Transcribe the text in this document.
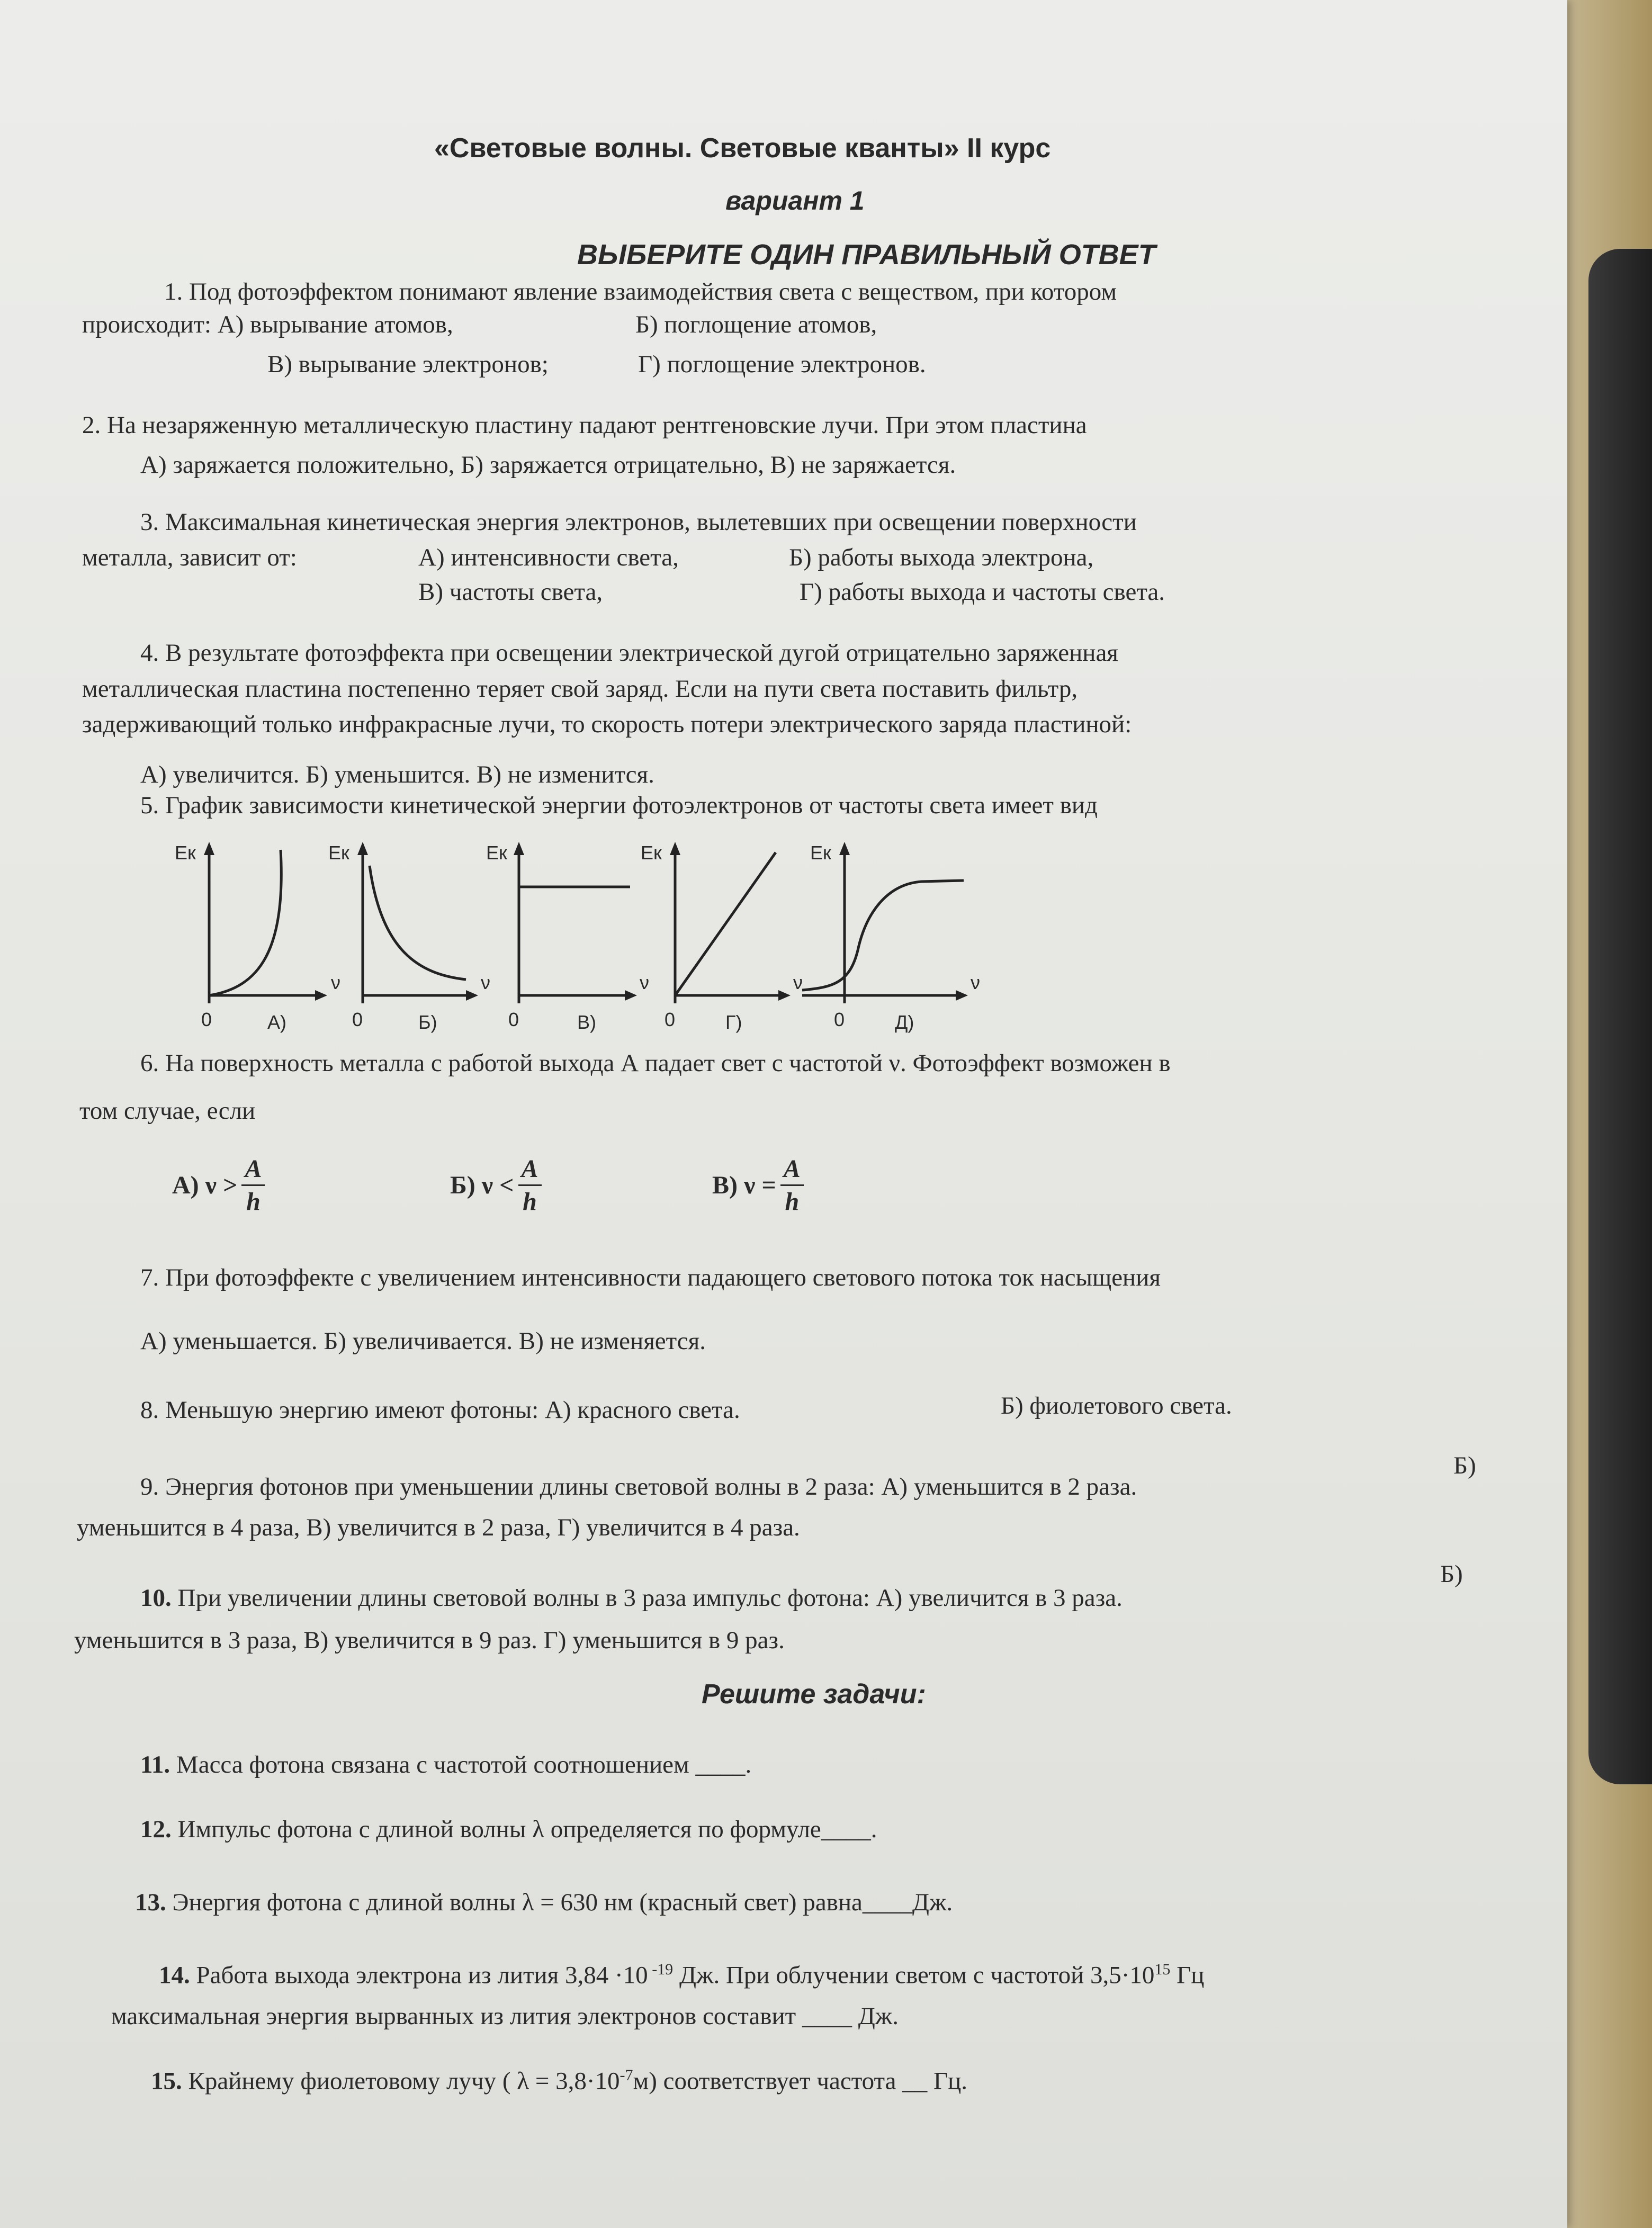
«Световые волны. Световые кванты» II курс
вариант 1
ВЫБЕРИТЕ ОДИН ПРАВИЛЬНЫЙ ОТВЕТ
1. Под фотоэффектом понимают явление взаимодействия света с веществом, при котором
происходит: А) вырывание атомов,	Б) поглощение атомов,
В) вырывание электронов;	Г) поглощение электронов.
2. На незаряженную металлическую пластину падают рентгеновские лучи. При этом пластина
А) заряжается положительно, Б) заряжается отрицательно, В) не заряжается.
3. Максимальная кинетическая энергия электронов, вылетевших при освещении поверхности
металла, зависит от:	А) интенсивности света,	Б) работы выхода электрона,
В) частоты света,	Г) работы выхода и частоты света.
4. В результате фотоэффекта при освещении электрической дугой отрицательно заряженная
металлическая пластина постепенно теряет свой заряд. Если на пути света поставить фильтр,
задерживающий только инфракрасные лучи, то скорость потери электрического заряда пластиной:
А) увеличится. Б) уменьшится. В) не изменится.
5. График зависимости кинетической энергии фотоэлектронов от частоты света имеет вид
Eк
ν
0	А)
Eк
ν
0	Б)
Eк
ν
0	В)
Eк
ν
0	Г)
Eк
ν
0	Д)
6. На поверхность металла с работой выхода А падает свет с частотой ν. Фотоэффект возможен в
том случае, если
А) $\nu > \frac{A}{h}$	Б) $\nu < \frac{A}{h}$	В) $\nu = \frac{A}{h}$
7. При фотоэффекте с увеличением интенсивности падающего светового потока ток насыщения
А) уменьшается. Б) увеличивается. В) не изменяется.
8. Меньшую энергию имеют фотоны: А) красного света.	Б) фиолетового света.
9. Энергия фотонов при уменьшении длины световой волны в 2 раза: А) уменьшится в 2 раза.
Б)
уменьшится в 4 раза, В) увеличится в 2 раза, Г) увеличится в 4 раза.
10. При увеличении длины световой волны в 3 раза импульс фотона: А) увеличится в 3 раза.
Б)
уменьшится в 3 раза, В) увеличится в 9 раз. Г) уменьшится в 9 раз.
Решите задачи:
11. Масса фотона связана с частотой соотношением ____.
12. Импульс фотона с длиной волны λ определяется по формуле____.
13. Энергия фотона с длиной волны λ = 630 нм (красный свет) равна____Дж.
14. Работа выхода электрона из лития 3,84 ·10 $^{-19}$ Дж. При облучении светом с частотой $3,5\cdot 10^{15}$ Гц
максимальная энергия вырванных из лития электронов составит ____ Дж.
15. Крайнему фиолетовому лучу ( $\lambda = 3,8\cdot 10^{-7}м$) соответствует частота __ Гц.
